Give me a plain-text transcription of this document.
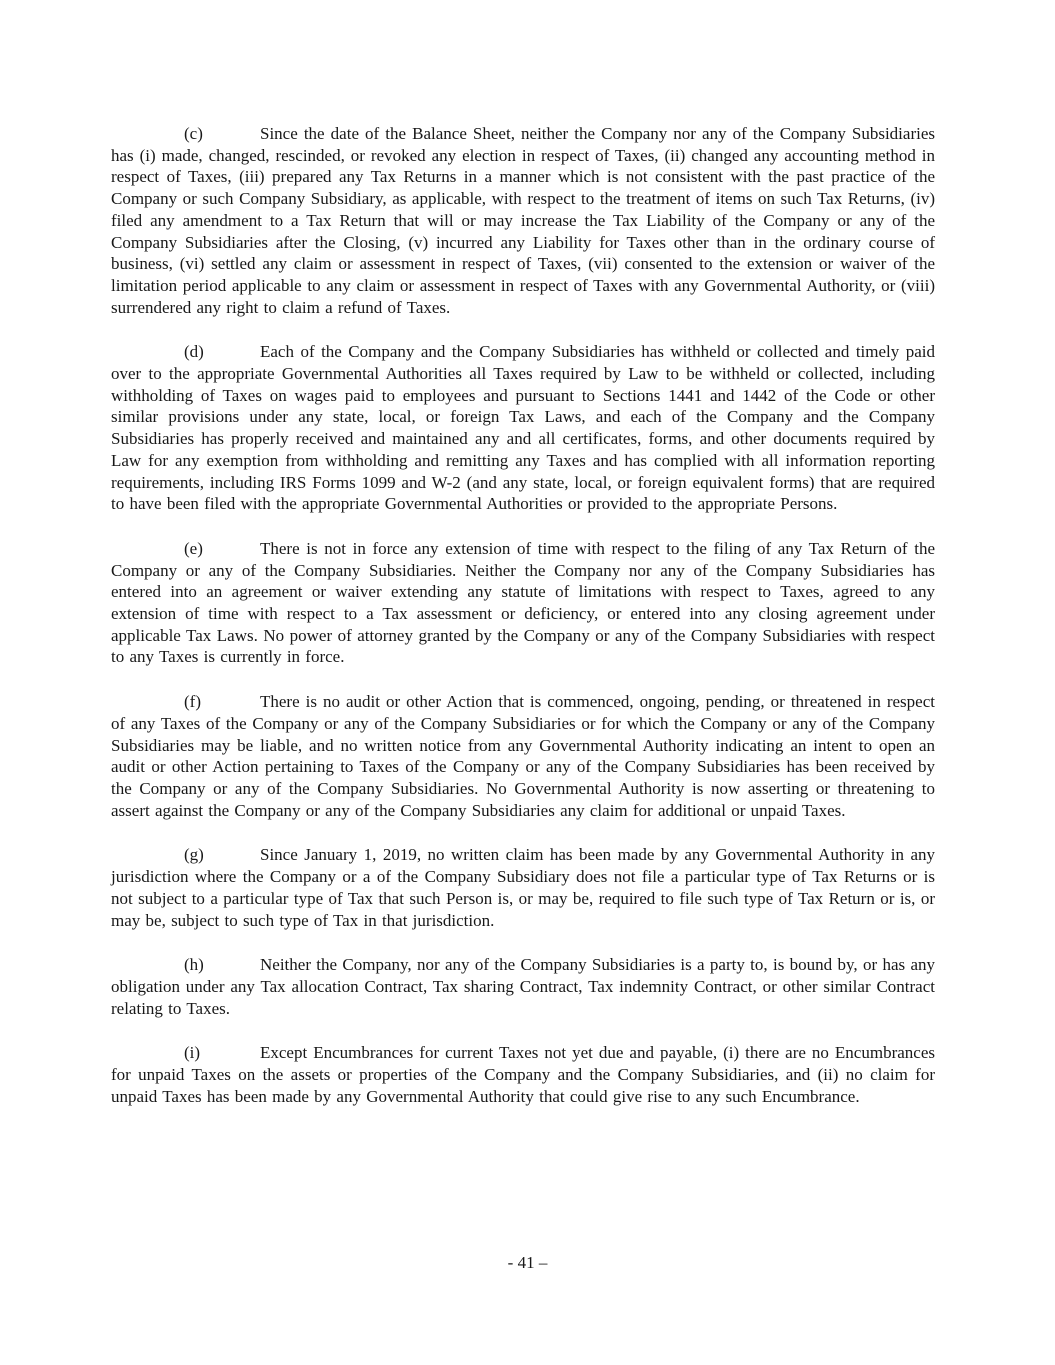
(c)	Since the date of the Balance Sheet, neither the Company nor any of the Company Subsidiaries has (i) made, changed, rescinded, or revoked any election in respect of Taxes, (ii) changed any accounting method in respect of Taxes, (iii) prepared any Tax Returns in a manner which is not consistent with the past practice of the Company or such Company Subsidiary, as applicable, with respect to the treatment of items on such Tax Returns, (iv) filed any amendment to a Tax Return that will or may increase the Tax Liability of the Company or any of the Company Subsidiaries after the Closing, (v) incurred any Liability for Taxes other than in the ordinary course of business, (vi) settled any claim or assessment in respect of Taxes, (vii) consented to the extension or waiver of the limitation period applicable to any claim or assessment in respect of Taxes with any Governmental Authority, or (viii) surrendered any right to claim a refund of Taxes.

(d)	Each of the Company and the Company Subsidiaries has withheld or collected and timely paid over to the appropriate Governmental Authorities all Taxes required by Law to be withheld or collected, including withholding of Taxes on wages paid to employees and pursuant to Sections 1441 and 1442 of the Code or other similar provisions under any state, local, or foreign Tax Laws, and each of the Company and the Company Subsidiaries has properly received and maintained any and all certificates, forms, and other documents required by Law for any exemption from withholding and remitting any Taxes and has complied with all information reporting requirements, including IRS Forms 1099 and W-2 (and any state, local, or foreign equivalent forms) that are required to have been filed with the appropriate Governmental Authorities or provided to the appropriate Persons.

(e)	There is not in force any extension of time with respect to the filing of any Tax Return of the Company or any of the Company Subsidiaries. Neither the Company nor any of the Company Subsidiaries has entered into an agreement or waiver extending any statute of limitations with respect to Taxes, agreed to any extension of time with respect to a Tax assessment or deficiency, or entered into any closing agreement under applicable Tax Laws. No power of attorney granted by the Company or any of the Company Subsidiaries with respect to any Taxes is currently in force.

(f)	There is no audit or other Action that is commenced, ongoing, pending, or threatened in respect of any Taxes of the Company or any of the Company Subsidiaries or for which the Company or any of the Company Subsidiaries may be liable, and no written notice from any Governmental Authority indicating an intent to open an audit or other Action pertaining to Taxes of the Company or any of the Company Subsidiaries has been received by the Company or any of the Company Subsidiaries. No Governmental Authority is now asserting or threatening to assert against the Company or any of the Company Subsidiaries any claim for additional or unpaid Taxes.

(g)	Since January 1, 2019, no written claim has been made by any Governmental Authority in any jurisdiction where the Company or a of the Company Subsidiary does not file a particular type of Tax Returns or is not subject to a particular type of Tax that such Person is, or may be, required to file such type of Tax Return or is, or may be, subject to such type of Tax in that jurisdiction.

(h)	Neither the Company, nor any of the Company Subsidiaries is a party to, is bound by, or has any obligation under any Tax allocation Contract, Tax sharing Contract, Tax indemnity Contract, or other similar Contract relating to Taxes.

(i)	Except Encumbrances for current Taxes not yet due and payable, (i) there are no Encumbrances for unpaid Taxes on the assets or properties of the Company and the Company Subsidiaries, and (ii) no claim for unpaid Taxes has been made by any Governmental Authority that could give rise to any such Encumbrance.

- 41 –
